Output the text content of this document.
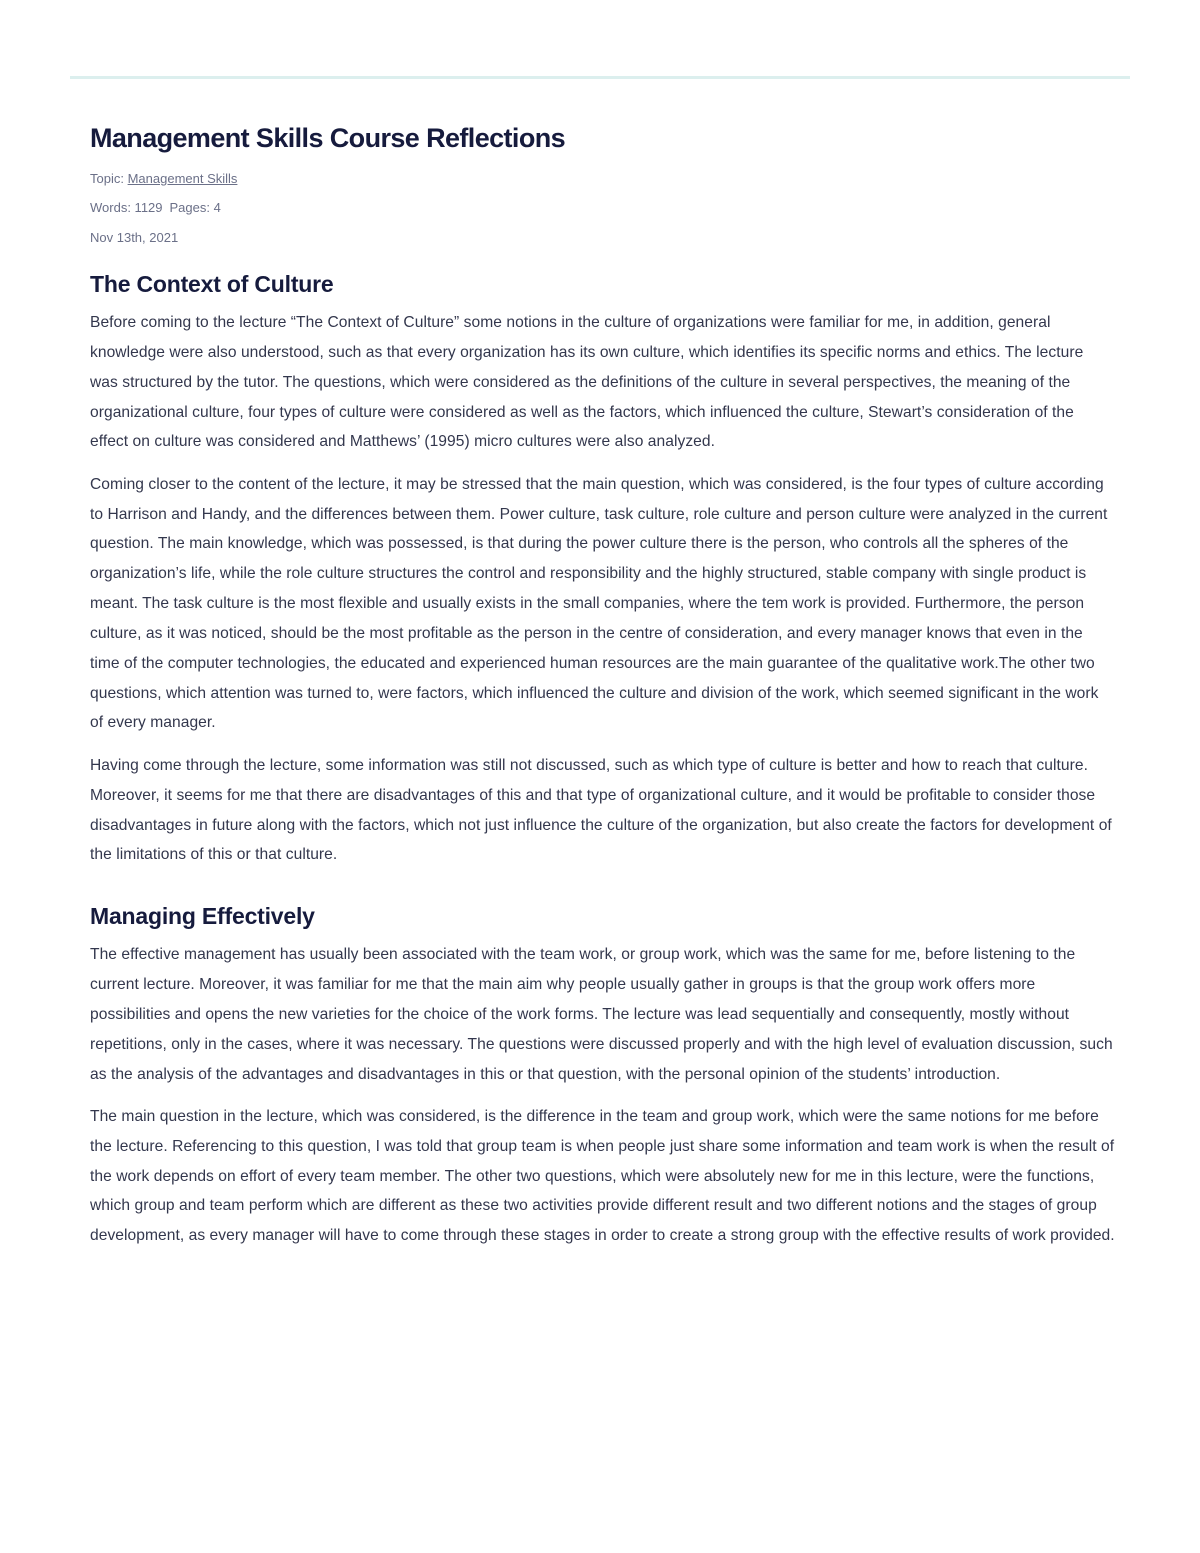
Management Skills Course Reflections

Topic: Management Skills

Words: 1129 Pages: 4

Nov 13th, 2021

The Context of Culture

Before coming to the lecture “The Context of Culture” some notions in the culture of organizations were familiar for me, in addition, general knowledge were also understood, such as that every organization has its own culture, which identifies its specific norms and ethics. The lecture was structured by the tutor. The questions, which were considered as the definitions of the culture in several perspectives, the meaning of the organizational culture, four types of culture were considered as well as the factors, which influenced the culture, Stewart’s consideration of the effect on culture was considered and Matthews’ (1995) micro cultures were also analyzed.

Coming closer to the content of the lecture, it may be stressed that the main question, which was considered, is the four types of culture according to Harrison and Handy, and the differences between them. Power culture, task culture, role culture and person culture were analyzed in the current question. The main knowledge, which was possessed, is that during the power culture there is the person, who controls all the spheres of the organization’s life, while the role culture structures the control and responsibility and the highly structured, stable company with single product is meant. The task culture is the most flexible and usually exists in the small companies, where the tem work is provided. Furthermore, the person culture, as it was noticed, should be the most profitable as the person in the centre of consideration, and every manager knows that even in the time of the computer technologies, the educated and experienced human resources are the main guarantee of the qualitative work.The other two questions, which attention was turned to, were factors, which influenced the culture and division of the work, which seemed significant in the work of every manager.

Having come through the lecture, some information was still not discussed, such as which type of culture is better and how to reach that culture. Moreover, it seems for me that there are disadvantages of this and that type of organizational culture, and it would be profitable to consider those disadvantages in future along with the factors, which not just influence the culture of the organization, but also create the factors for development of the limitations of this or that culture.

Managing Effectively

The effective management has usually been associated with the team work, or group work, which was the same for me, before listening to the current lecture. Moreover, it was familiar for me that the main aim why people usually gather in groups is that the group work offers more possibilities and opens the new varieties for the choice of the work forms. The lecture was lead sequentially and consequently, mostly without repetitions, only in the cases, where it was necessary. The questions were discussed properly and with the high level of evaluation discussion, such as the analysis of the advantages and disadvantages in this or that question, with the personal opinion of the students’ introduction.

The main question in the lecture, which was considered, is the difference in the team and group work, which were the same notions for me before the lecture. Referencing to this question, I was told that group team is when people just share some information and team work is when the result of the work depends on effort of every team member. The other two questions, which were absolutely new for me in this lecture, were the functions, which group and team perform which are different as these two activities provide different result and two different notions and the stages of group development, as every manager will have to come through these stages in order to create a strong group with the effective results of work provided.
